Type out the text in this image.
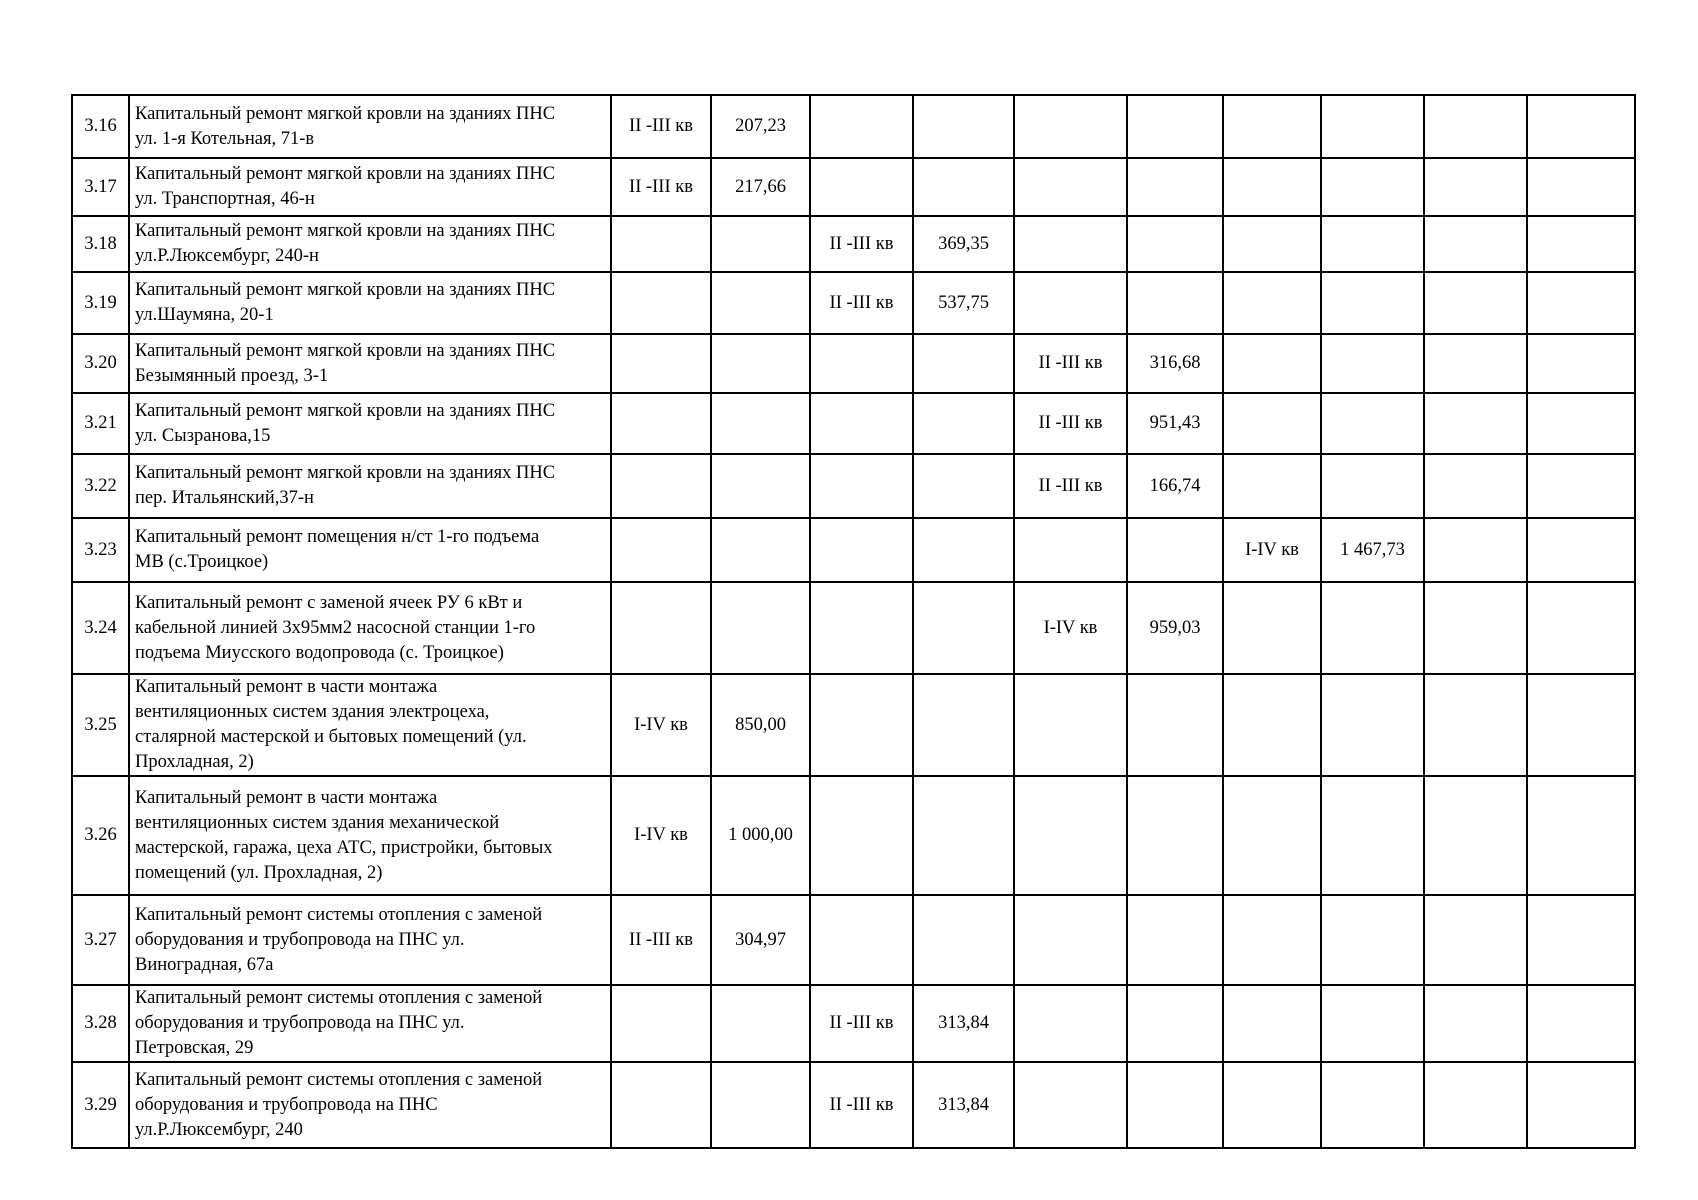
3.16	Капитальный ремонт мягкой кровли на зданиях ПНС
ул. 1-я Котельная, 71-в	II -III кв	207,23								
3.17	Капитальный ремонт мягкой кровли на зданиях ПНС
ул. Транспортная, 46-н	II -III кв	217,66								
3.18	Капитальный ремонт мягкой кровли на зданиях ПНС
ул.Р.Люксембург, 240-н			II -III кв	369,35						
3.19	Капитальный ремонт мягкой кровли на зданиях ПНС
ул.Шаумяна, 20-1			II -III кв	537,75						
3.20	Капитальный ремонт мягкой кровли на зданиях ПНС
Безымянный проезд, 3-1					II -III кв	316,68				
3.21	Капитальный ремонт мягкой кровли на зданиях ПНС
ул. Сызранова,15					II -III кв	951,43				
3.22	Капитальный ремонт мягкой кровли на зданиях ПНС
пер. Итальянский,37-н					II -III кв	166,74				
3.23	Капитальный ремонт помещения н/ст 1-го подъема
МВ (с.Троицкое)							I-IV кв	1 467,73		
3.24	Капитальный ремонт с заменой ячеек РУ 6 кВт и
кабельной линией 3х95мм2 насосной станции 1-го
подъема Миусского водопровода (с. Троицкое)					I-IV кв	959,03				
3.25	Капитальный ремонт в части монтажа
вентиляционных систем здания электроцеха,
сталярной мастерской и бытовых помещений (ул.
Прохладная, 2)	I-IV кв	850,00								
3.26	Капитальный ремонт в части монтажа
вентиляционных систем здания механической
мастерской, гаража, цеха АТС, пристройки, бытовых
помещений (ул. Прохладная, 2)	I-IV кв	1 000,00								
3.27	Капитальный ремонт системы отопления с заменой
оборудования и трубопровода на ПНС ул.
Виноградная, 67а	II -III кв	304,97								
3.28	Капитальный ремонт системы отопления с заменой
оборудования и трубопровода на ПНС ул.
Петровская, 29			II -III кв	313,84						
3.29	Капитальный ремонт системы отопления с заменой
оборудования и трубопровода на ПНС
ул.Р.Люксембург, 240			II -III кв	313,84						
